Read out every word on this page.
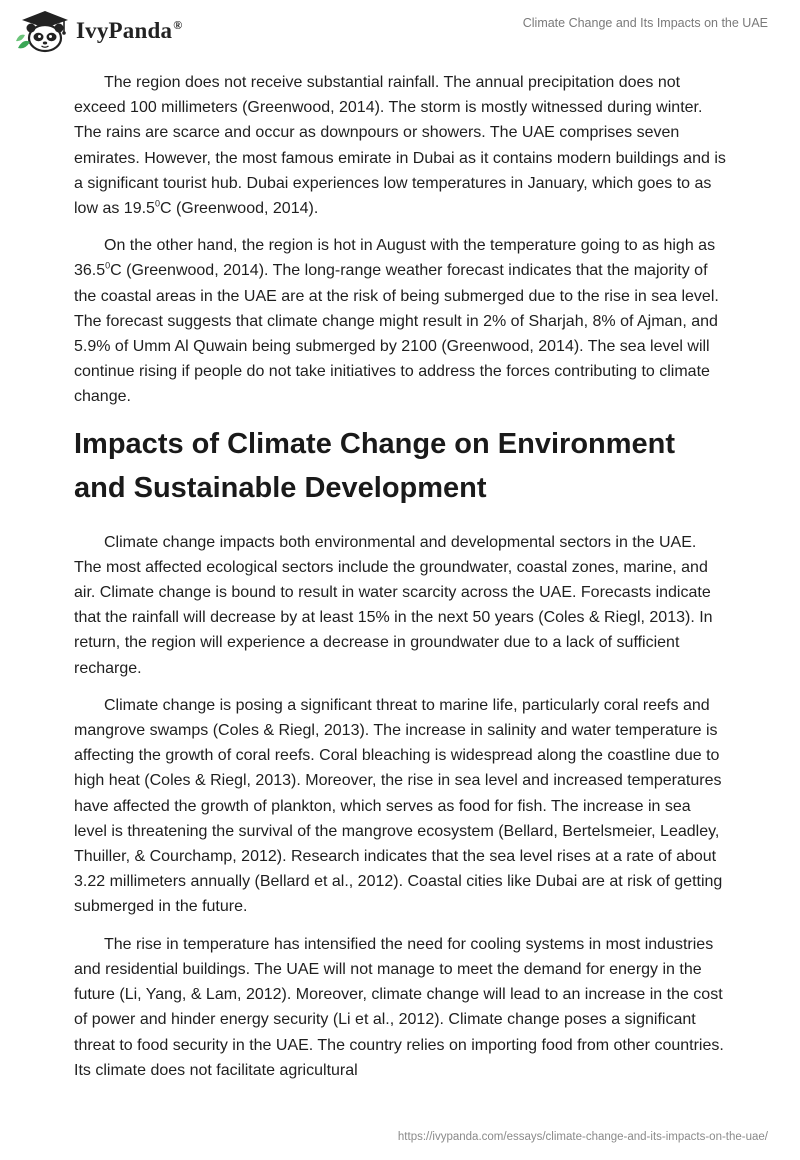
IvyPanda®	Climate Change and Its Impacts on the UAE

The region does not receive substantial rainfall. The annual precipitation does not exceed 100 millimeters (Greenwood, 2014). The storm is mostly witnessed during winter. The rains are scarce and occur as downpours or showers. The UAE comprises seven emirates. However, the most famous emirate in Dubai as it contains modern buildings and is a significant tourist hub. Dubai experiences low temperatures in January, which goes to as low as 19.5$^0$C (Greenwood, 2014).

On the other hand, the region is hot in August with the temperature going to as high as 36.5$^0$C (Greenwood, 2014). The long-range weather forecast indicates that the majority of the coastal areas in the UAE are at the risk of being submerged due to the rise in sea level. The forecast suggests that climate change might result in 2% of Sharjah, 8% of Ajman, and 5.9% of Umm Al Quwain being submerged by 2100 (Greenwood, 2014). The sea level will continue rising if people do not take initiatives to address the forces contributing to climate change.

Impacts of Climate Change on Environment and Sustainable Development

Climate change impacts both environmental and developmental sectors in the UAE. The most affected ecological sectors include the groundwater, coastal zones, marine, and air. Climate change is bound to result in water scarcity across the UAE. Forecasts indicate that the rainfall will decrease by at least 15% in the next 50 years (Coles & Riegl, 2013). In return, the region will experience a decrease in groundwater due to a lack of sufficient recharge.

Climate change is posing a significant threat to marine life, particularly coral reefs and mangrove swamps (Coles & Riegl, 2013). The increase in salinity and water temperature is affecting the growth of coral reefs. Coral bleaching is widespread along the coastline due to high heat (Coles & Riegl, 2013). Moreover, the rise in sea level and increased temperatures have affected the growth of plankton, which serves as food for fish. The increase in sea level is threatening the survival of the mangrove ecosystem (Bellard, Bertelsmeier, Leadley, Thuiller, & Courchamp, 2012). Research indicates that the sea level rises at a rate of about 3.22 millimeters annually (Bellard et al., 2012). Coastal cities like Dubai are at risk of getting submerged in the future.

The rise in temperature has intensified the need for cooling systems in most industries and residential buildings. The UAE will not manage to meet the demand for energy in the future (Li, Yang, & Lam, 2012). Moreover, climate change will lead to an increase in the cost of power and hinder energy security (Li et al., 2012). Climate change poses a significant threat to food security in the UAE. The country relies on importing food from other countries. Its climate does not facilitate agricultural

https://ivypanda.com/essays/climate-change-and-its-impacts-on-the-uae/
